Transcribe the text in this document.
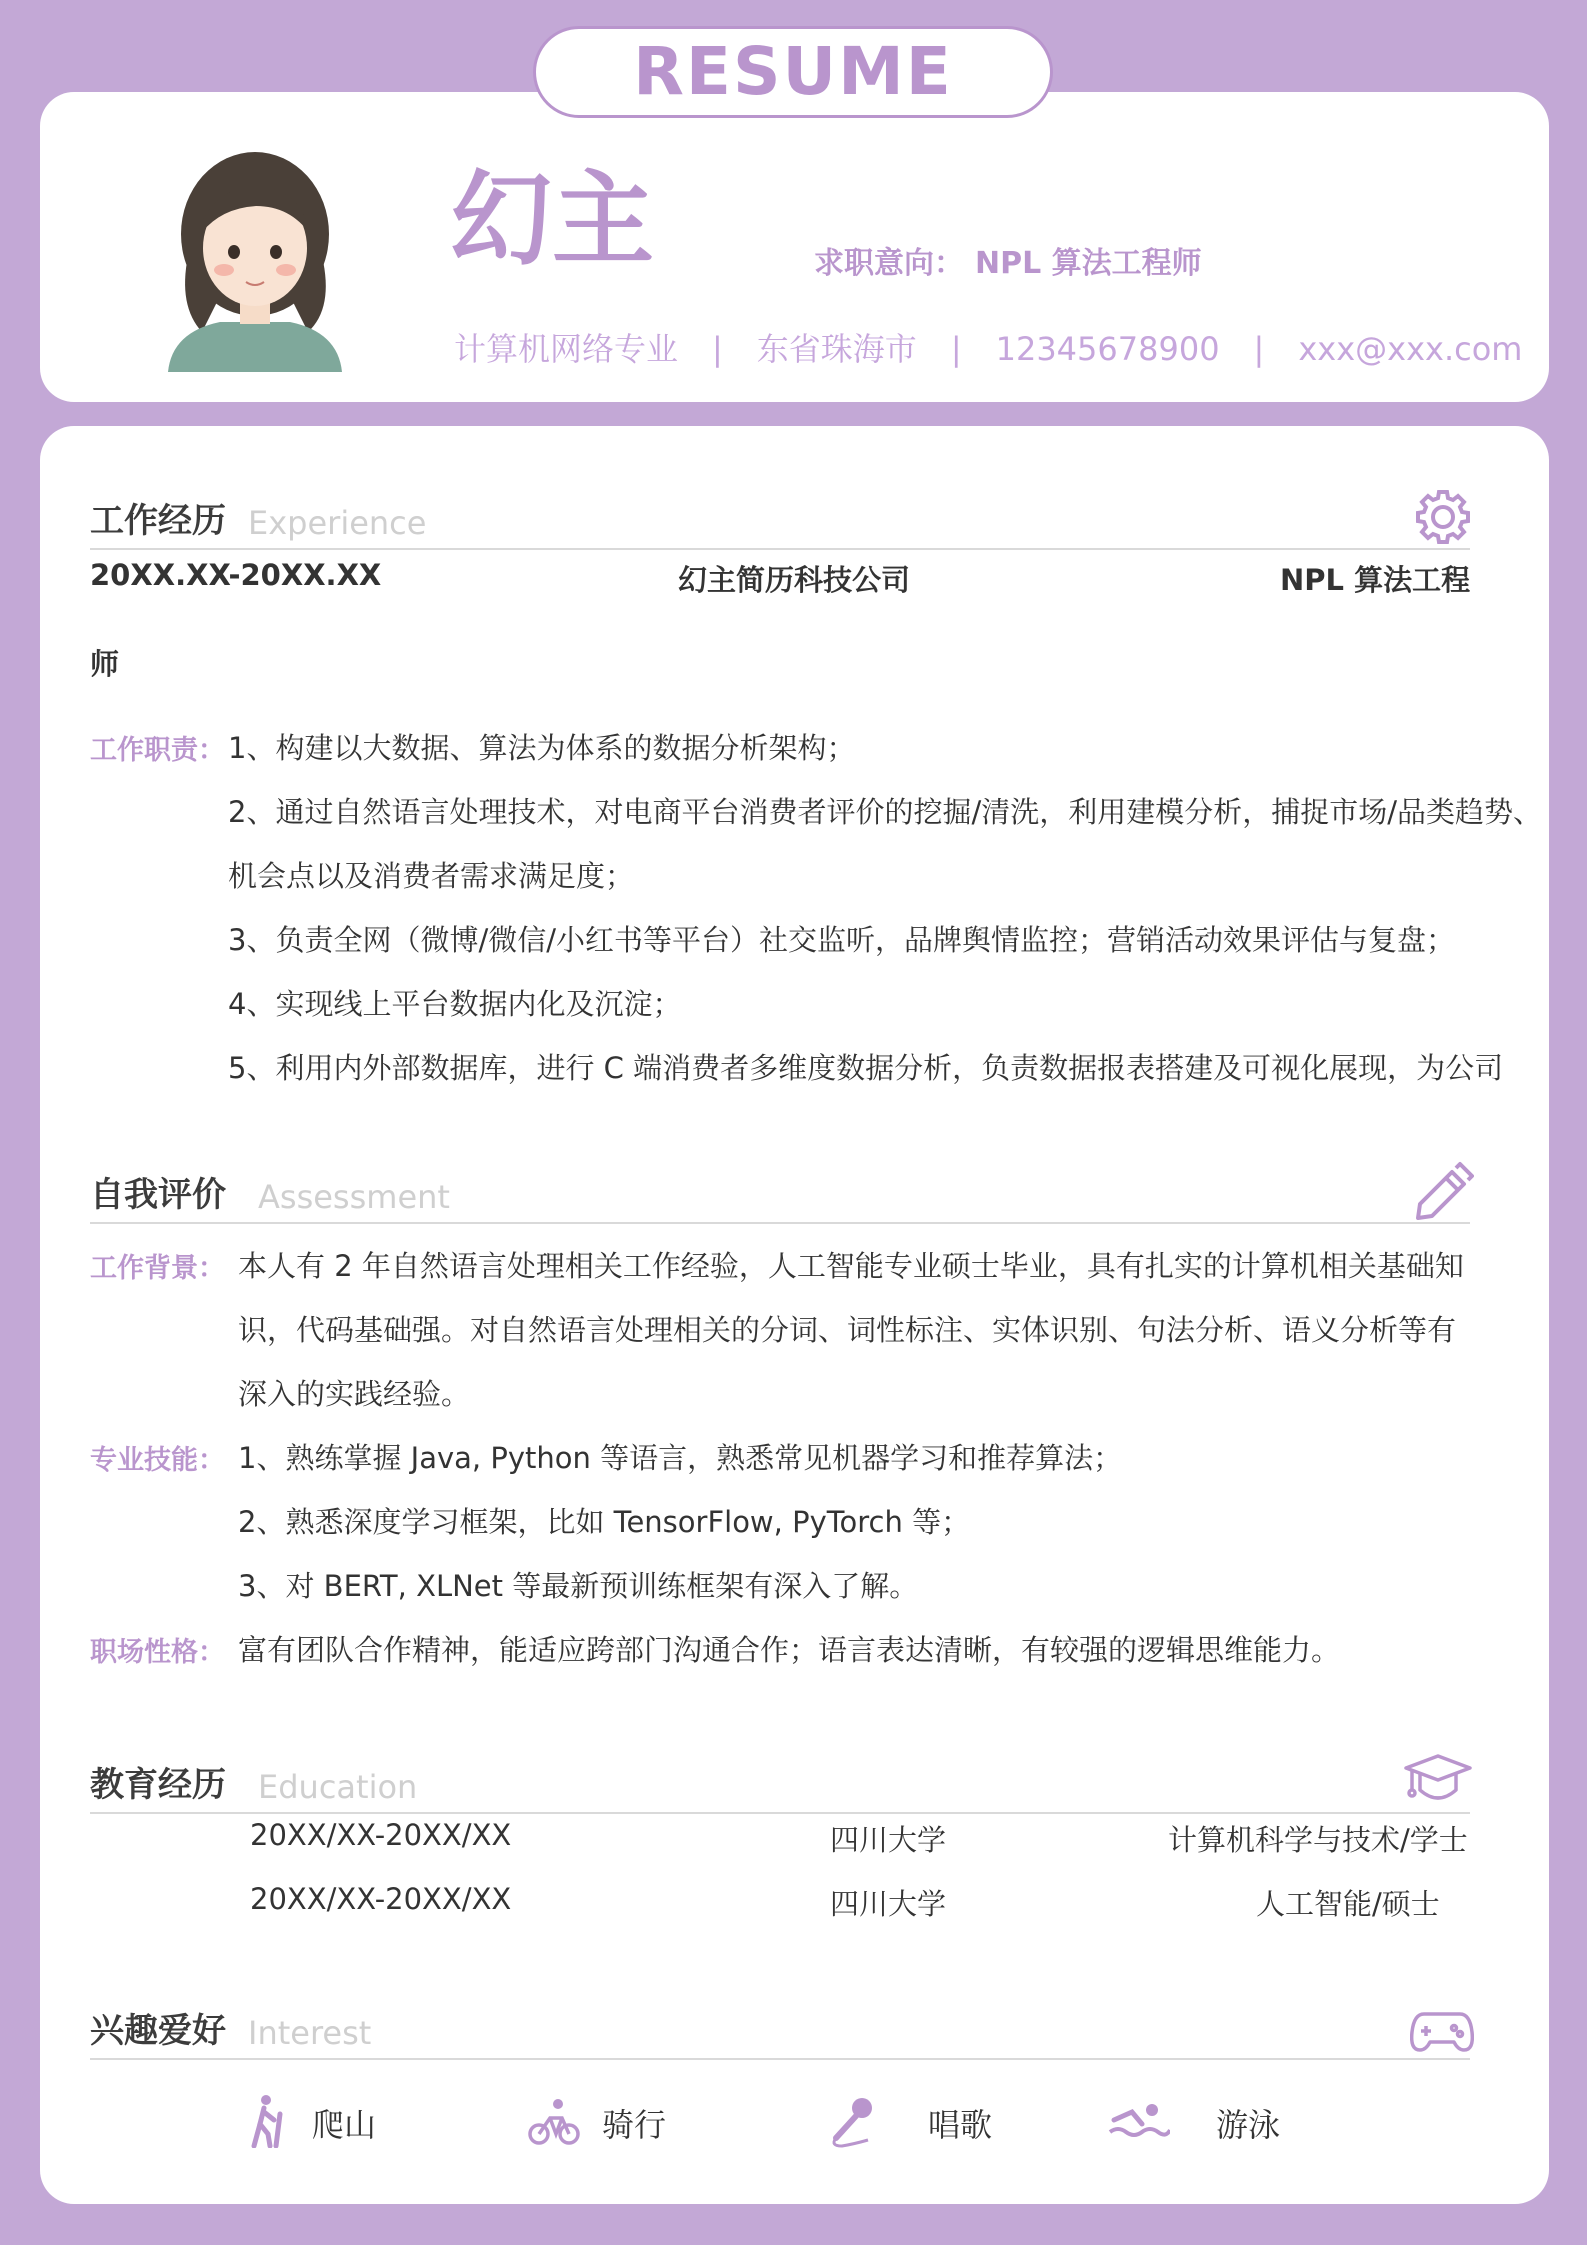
RESUME
幻主	求职意向： NPL 算法工程师
计算机网络专业 | 东省珠海市 | 12345678900 | xxx@xxx.com
工作经历 Experience
20XX.XX-20XX.XX	幻主简历科技公司	NPL 算法工程
师
工作职责： 1、构建以大数据、算法为体系的数据分析架构；
2、通过自然语言处理技术，对电商平台消费者评价的挖掘/清洗，利用建模分析，捕捉市场/品类趋势、
机会点以及消费者需求满足度；
3、负责全网（微博/微信/小红书等平台）社交监听，品牌舆情监控；营销活动效果评估与复盘；
4、实现线上平台数据内化及沉淀；
5、利用内外部数据库，进行 C 端消费者多维度数据分析，负责数据报表搭建及可视化展现，为公司
自我评价 Assessment
工作背景： 本人有 2 年自然语言处理相关工作经验，人工智能专业硕士毕业，具有扎实的计算机相关基础知
识，代码基础强。对自然语言处理相关的分词、词性标注、实体识别、句法分析、语义分析等有
深入的实践经验。
专业技能： 1、熟练掌握 Java, Python 等语言，熟悉常见机器学习和推荐算法；
2、熟悉深度学习框架，比如 TensorFlow, PyTorch 等；
3、对 BERT, XLNet 等最新预训练框架有深入了解。
职场性格： 富有团队合作精神，能适应跨部门沟通合作；语言表达清晰，有较强的逻辑思维能力。
教育经历 Education
20XX/XX-20XX/XX	四川大学	计算机科学与技术/学士
20XX/XX-20XX/XX	四川大学	人工智能/硕士
兴趣爱好 Interest
爬山	骑行	唱歌	游泳
